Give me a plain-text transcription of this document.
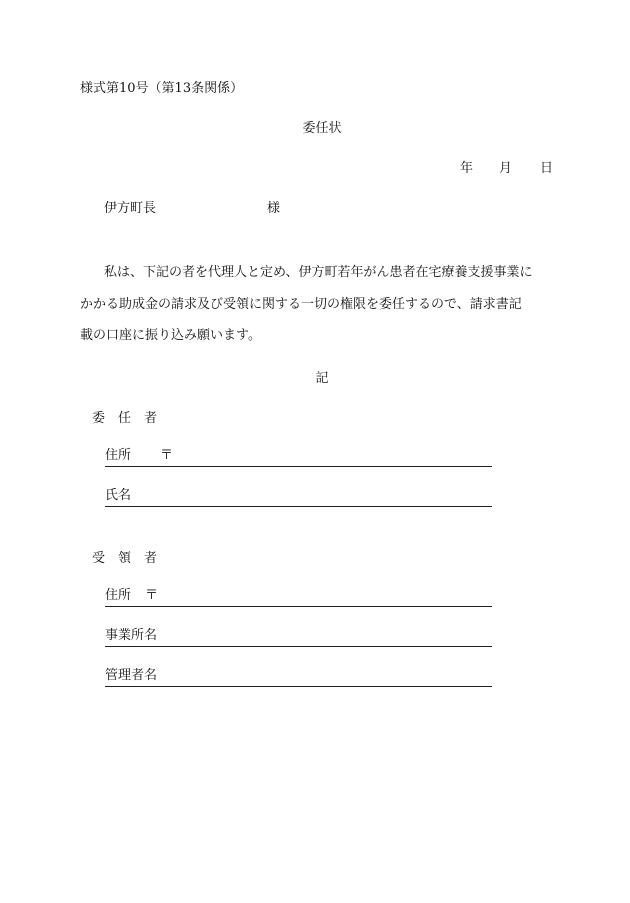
様式第10号（第13条関係）
委任状
年 月 日
伊方町長	様
私は、下記の者を代理人と定め、伊方町若年がん患者在宅療養支援事業に
かかる助成金の請求及び受領に関する一切の権限を委任するので、請求書記
載の口座に振り込み願います。
記
委　任　者
住所 〒
氏名
受　領　者
住所 〒
事業所名
管理者名
